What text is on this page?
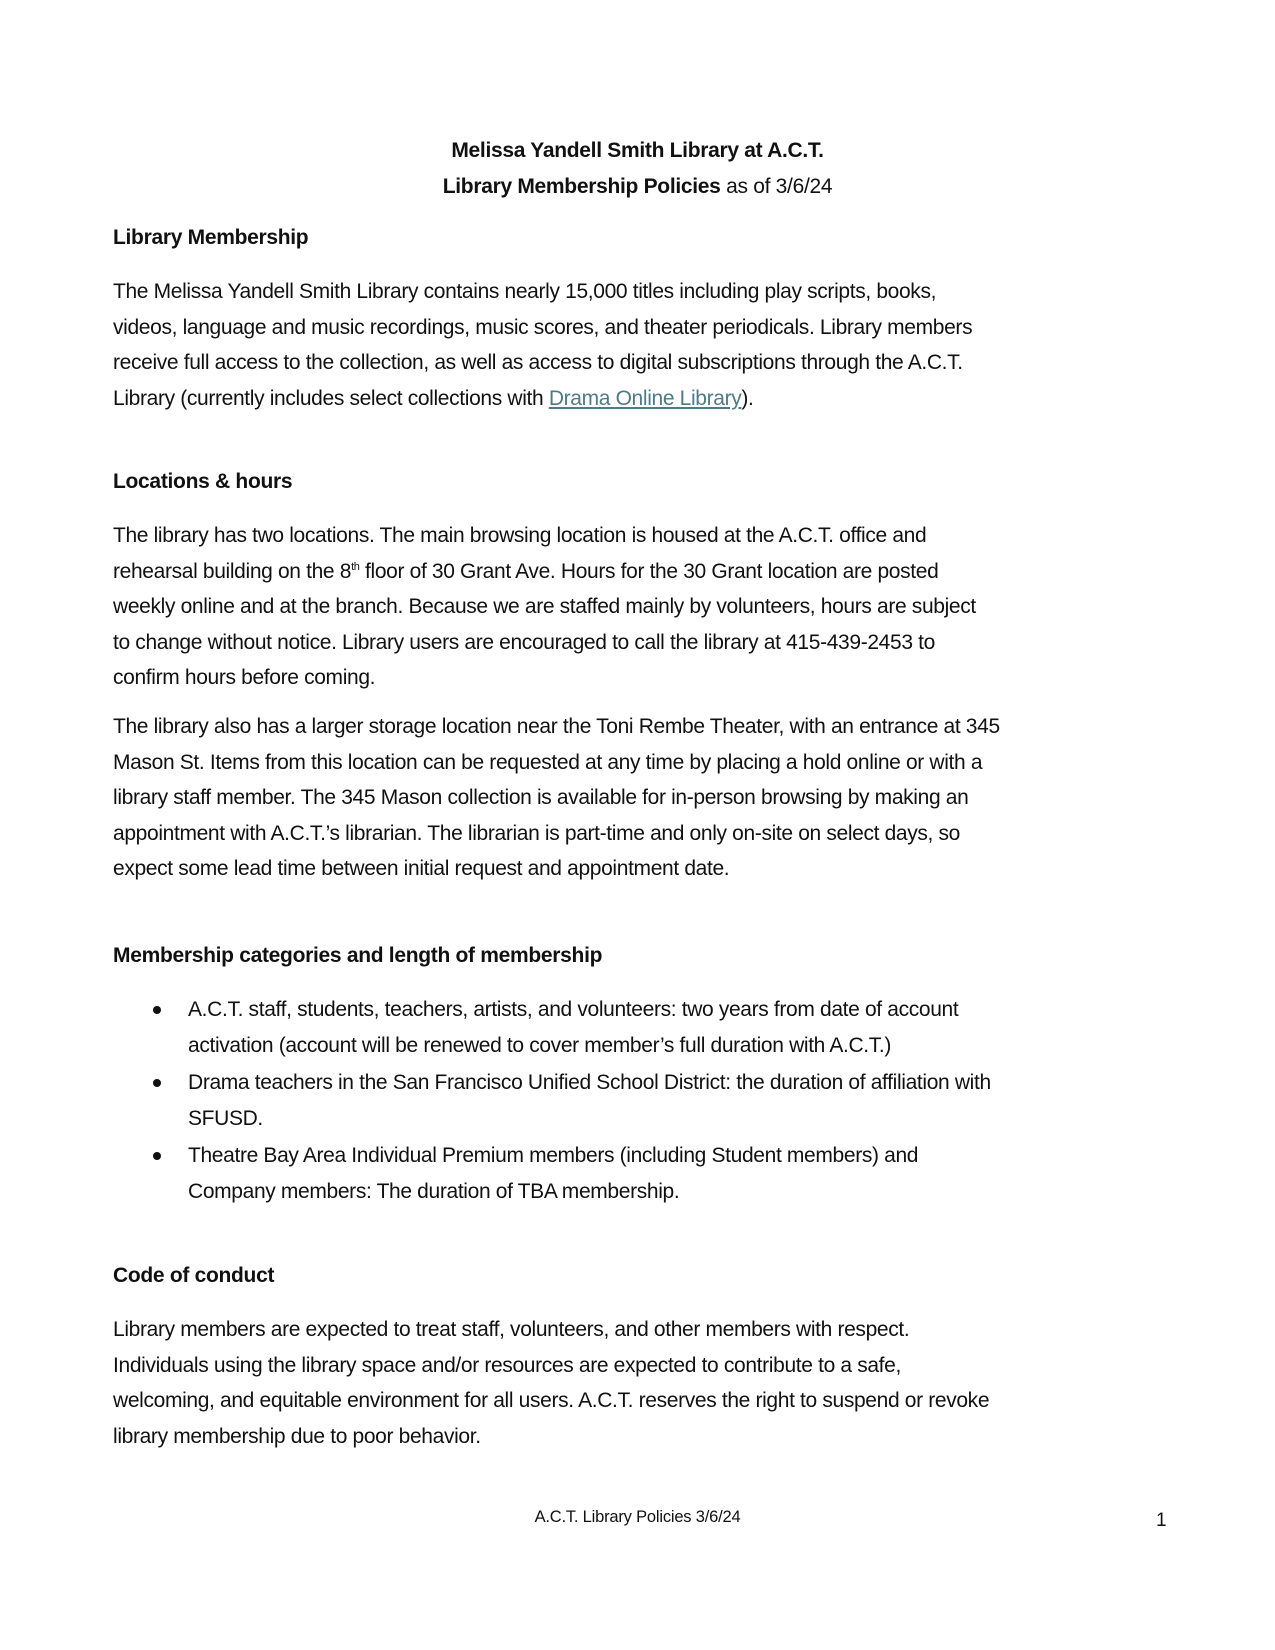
Melissa Yandell Smith Library at A.C.T.
Library Membership Policies as of 3/6/24
Library Membership
The Melissa Yandell Smith Library contains nearly 15,000 titles including play scripts, books,
videos, language and music recordings, music scores, and theater periodicals. Library members
receive full access to the collection, as well as access to digital subscriptions through the A.C.T.
Library (currently includes select collections with Drama Online Library).
Locations & hours
The library has two locations. The main browsing location is housed at the A.C.T. office and
rehearsal building on the 8th floor of 30 Grant Ave. Hours for the 30 Grant location are posted
weekly online and at the branch. Because we are staffed mainly by volunteers, hours are subject
to change without notice. Library users are encouraged to call the library at 415-439-2453 to
confirm hours before coming.
The library also has a larger storage location near the Toni Rembe Theater, with an entrance at 345
Mason St. Items from this location can be requested at any time by placing a hold online or with a
library staff member. The 345 Mason collection is available for in-person browsing by making an
appointment with A.C.T.’s librarian. The librarian is part-time and only on-site on select days, so
expect some lead time between initial request and appointment date.
Membership categories and length of membership
A.C.T. staff, students, teachers, artists, and volunteers: two years from date of account
activation (account will be renewed to cover member’s full duration with A.C.T.)
Drama teachers in the San Francisco Unified School District: the duration of affiliation with
SFUSD.
Theatre Bay Area Individual Premium members (including Student members) and
Company members: The duration of TBA membership.
Code of conduct
Library members are expected to treat staff, volunteers, and other members with respect.
Individuals using the library space and/or resources are expected to contribute to a safe,
welcoming, and equitable environment for all users. A.C.T. reserves the right to suspend or revoke
library membership due to poor behavior.
A.C.T. Library Policies 3/6/24	1
